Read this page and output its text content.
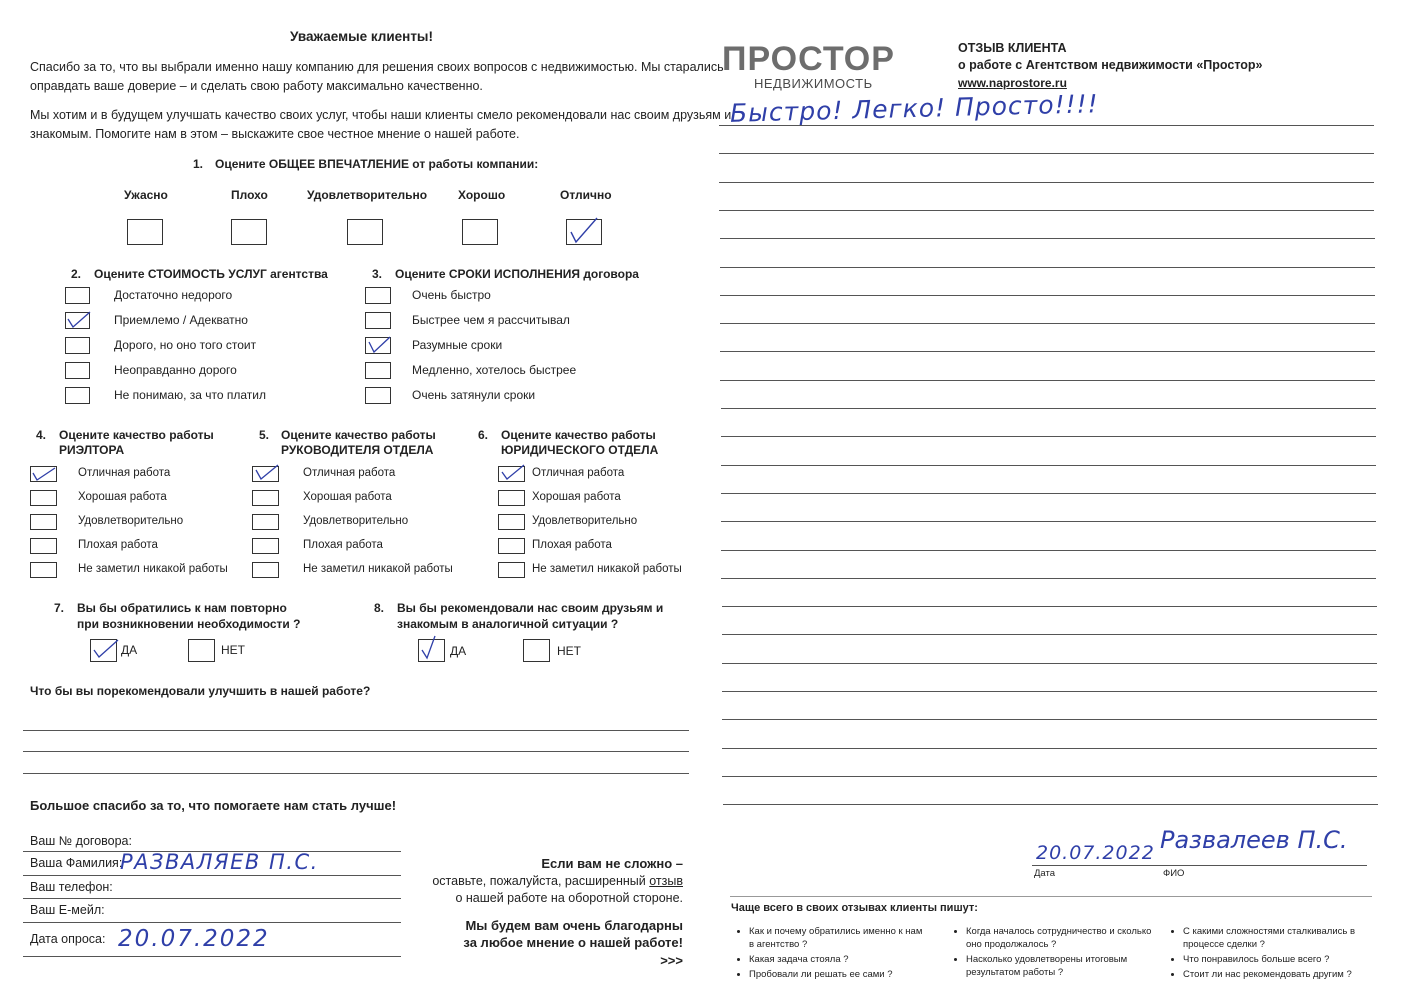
Уважаемые клиенты!
Спасибо за то, что вы выбрали именно нашу компанию для решения своих вопросов с недвижимостью. Мы старались
оправдать ваше доверие – и сделать свою работу максимально качественно.
Мы хотим и в будущем улучшать качество своих услуг, чтобы наши клиенты смело рекомендовали нас своим друзьям и
знакомым. Помогите нам в этом – выскажите свое честное мнение о нашей работе.
1. Оцените ОБЩЕЕ ВПЕЧАТЛЕНИЕ от работы компании:
Ужасно	Плохо	Удовлетворительно	Хорошо	Отлично
2. Оцените СТОИМОСТЬ УСЛУГ агентства
Достаточно недорого
Приемлемо / Адекватно
Дорого, но оно того стоит
Неоправданно дорого
Не понимаю, за что платил
3. Оцените СРОКИ ИСПОЛНЕНИЯ договора
Очень быстро
Быстрее чем я рассчитывал
Разумные сроки
Медленно, хотелось быстрее
Очень затянули сроки
4. Оцените качество работы
РИЭЛТОРА
Отличная работа
Хорошая работа
Удовлетворительно
Плохая работа
Не заметил никакой работы
5. Оцените качество работы
РУКОВОДИТЕЛЯ ОТДЕЛА
Отличная работа
Хорошая работа
Удовлетворительно
Плохая работа
Не заметил никакой работы
6. Оцените качество работы
ЮРИДИЧЕСКОГО ОТДЕЛА
Отличная работа
Хорошая работа
Удовлетворительно
Плохая работа
Не заметил никакой работы
7. Вы бы обратились к нам повторно
при возникновении необходимости ?
ДА	НЕТ
8. Вы бы рекомендовали нас своим друзьям и
знакомым в аналогичной ситуации ?
ДА	НЕТ
Что бы вы порекомендовали улучшить в нашей работе?
Большое спасибо за то, что помогаете нам стать лучше!
Ваш № договора:
Ваша Фамилия:
РАЗВАЛЯЕВ П.С.
Ваш телефон:
Ваш Е-мейл:
Дата опроса: 20.07.2022
Если вам не сложно –
оставьте, пожалуйста, расширенный отзыв
о нашей работе на оборотной стороне.
Мы будем вам очень благодарны
за любое мнение о нашей работе!
>>>
ПРОСТОР
НЕДВИЖИМОСТЬ
ОТЗЫВ КЛИЕНТА
о работе с Агентством недвижимости «Простор»
www.naprostore.ru
Быстро! Легко! Просто!!!!
20.07.2022 Развалеев П.С.
Дата	ФИО
Чаще всего в своих отзывах клиенты пишут:
• Как и почему обратились именно к нам в агентство ?
• Какая задача стояла ?
• Пробовали ли решать ее сами ?
• Когда началось сотрудничество и сколько оно продолжалось ?
• Насколько удовлетворены итоговым результатом работы ?
• С какими сложностями сталкивались в процессе сделки ?
• Что понравилось больше всего ?
• Стоит ли нас рекомендовать другим ?
